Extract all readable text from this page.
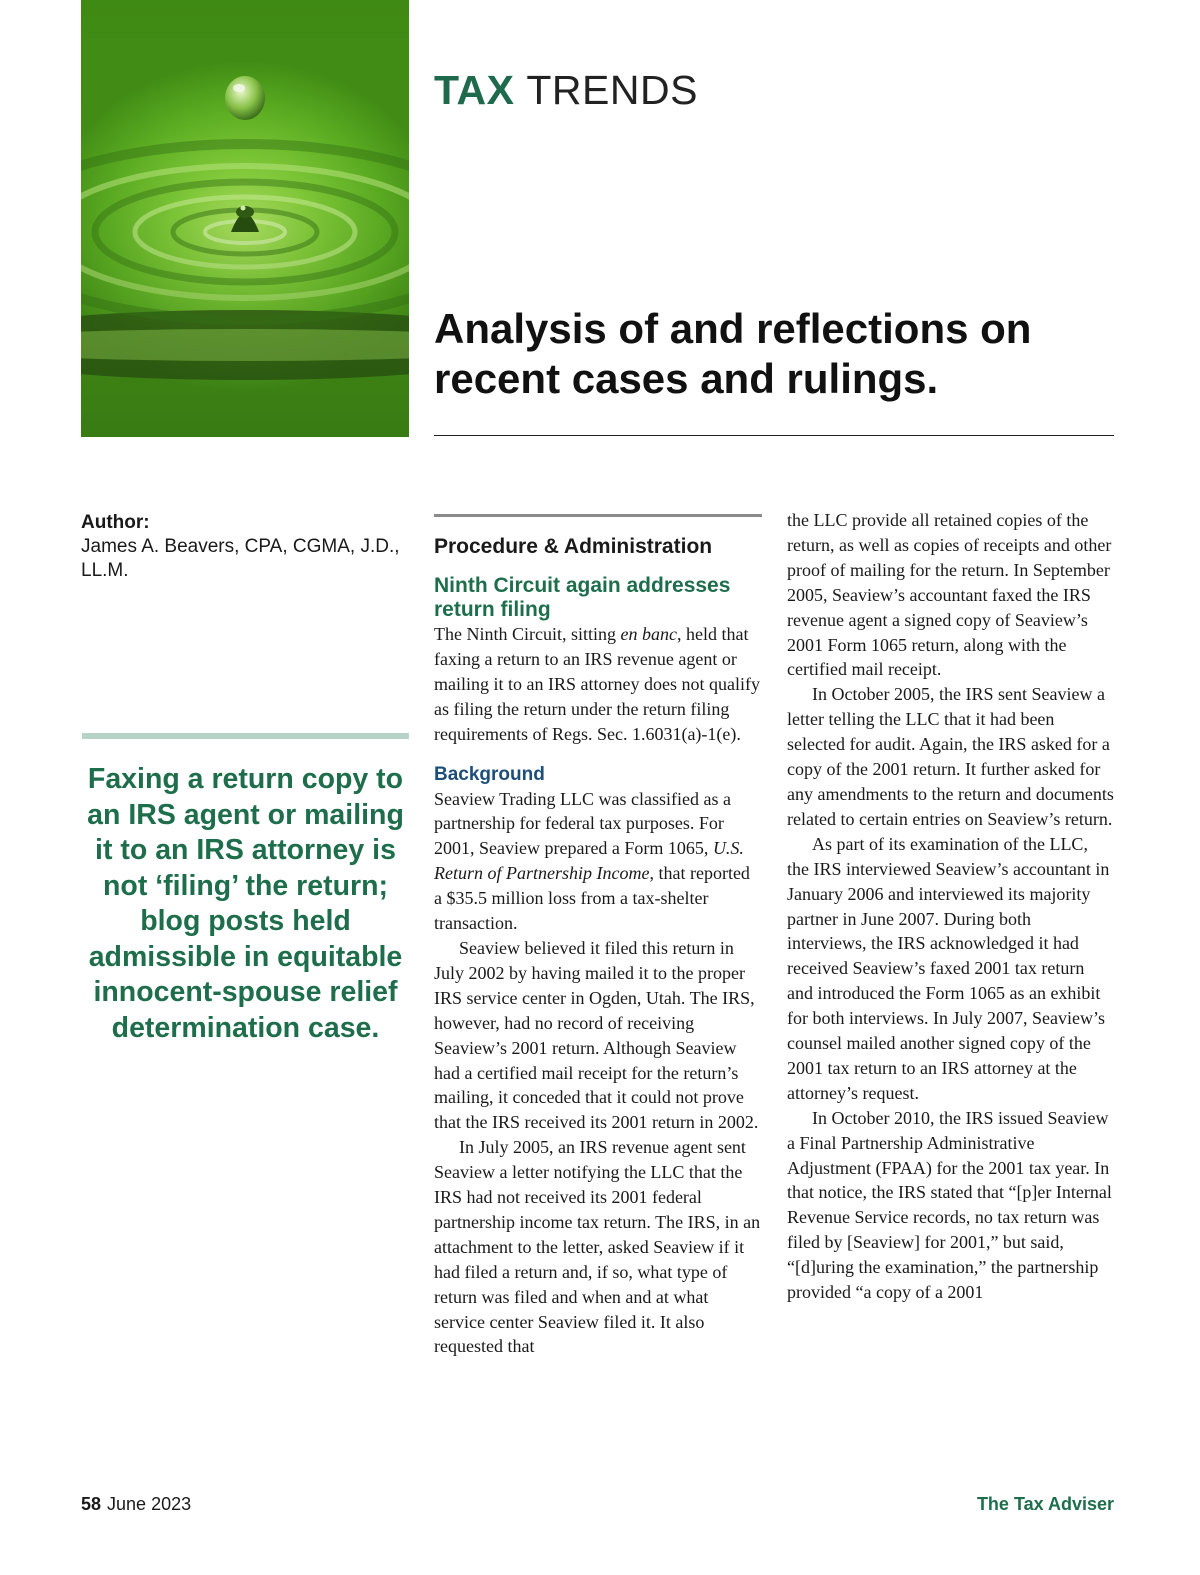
TAX TRENDS
Analysis of and reflections on recent cases and rulings.
Author:
James A. Beavers, CPA, CGMA, J.D., LL.M.

Faxing a return copy to an IRS agent or mailing it to an IRS attorney is not ‘filing’ the return; blog posts held admissible in equitable innocent-spouse relief determination case.

Procedure & Administration
Ninth Circuit again addresses return filing

The Ninth Circuit, sitting en banc, held that faxing a return to an IRS revenue agent or mailing it to an IRS attorney does not qualify as filing the return under the return filing requirements of Regs. Sec. 1.6031(a)-1(e).

Background

Seaview Trading LLC was classified as a partnership for federal tax purposes. For 2001, Seaview prepared a Form 1065, U.S. Return of Partnership Income, that reported a $35.5 million loss from a tax-shelter transaction.

Seaview believed it filed this return in July 2002 by having mailed it to the proper IRS service center in Ogden, Utah. The IRS, however, had no record of receiving Seaview’s 2001 return. Although Seaview had a certified mail receipt for the return’s mailing, it conceded that it could not prove that the IRS received its 2001 return in 2002.

In July 2005, an IRS revenue agent sent Seaview a letter notifying the LLC that the IRS had not received its 2001 federal partnership income tax return. The IRS, in an attachment to the letter, asked Seaview if it had filed a return and, if so, what type of return was filed and when and at what service center Seaview filed it. It also requested that

the LLC provide all retained copies of the return, as well as copies of receipts and other proof of mailing for the return. In September 2005, Seaview’s accountant faxed the IRS revenue agent a signed copy of Seaview’s 2001 Form 1065 return, along with the certified mail receipt.

In October 2005, the IRS sent Seaview a letter telling the LLC that it had been selected for audit. Again, the IRS asked for a copy of the 2001 return. It further asked for any amendments to the return and documents related to certain entries on Seaview’s return.

As part of its examination of the LLC, the IRS interviewed Seaview’s accountant in January 2006 and interviewed its majority partner in June 2007. During both interviews, the IRS acknowledged it had received Seaview’s faxed 2001 tax return and introduced the Form 1065 as an exhibit for both interviews. In July 2007, Seaview’s counsel mailed another signed copy of the 2001 tax return to an IRS attorney at the attorney’s request.

In October 2010, the IRS issued Seaview a Final Partnership Administrative Adjustment (FPAA) for the 2001 tax year. In that notice, the IRS stated that “[p]er Internal Revenue Service records, no tax return was filed by [Seaview] for 2001,” but said, “[d]uring the examination,” the partnership provided “a copy of a 2001

58 June 2023	The Tax Adviser
